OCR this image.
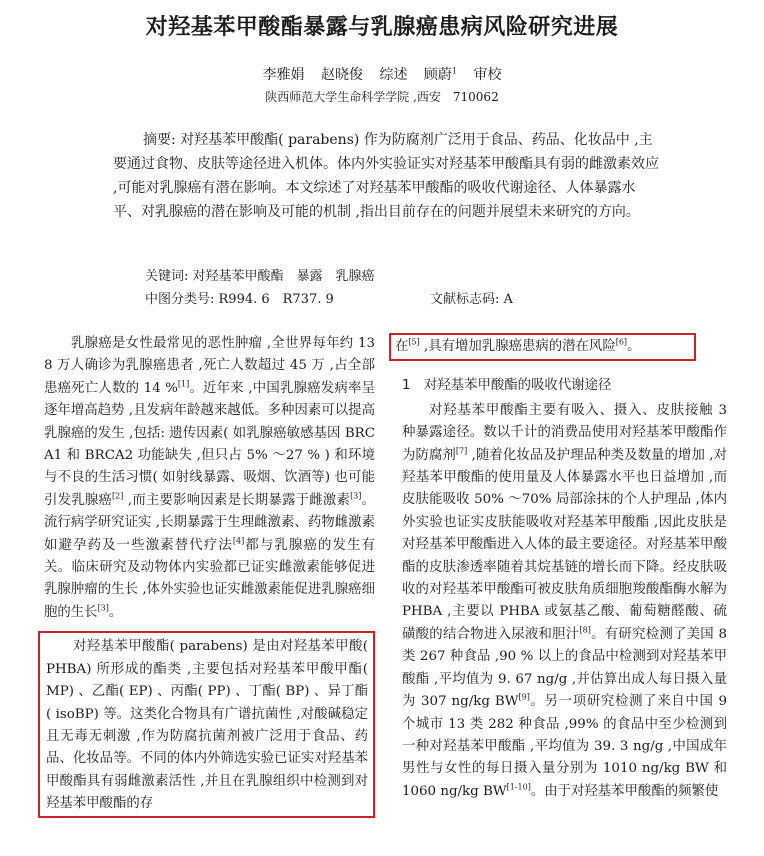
对羟基苯甲酸酯暴露与乳腺癌患病风险研究进展
李雅娟 赵晓俊 综述 顾蔚$^1$ 审校
陕西师范大学生命科学学院 ,西安　710062
摘要: 对羟基苯甲酸酯( parabens) 作为防腐剂广泛用于食品、药品、化妆品中 ,主要通过食物、皮肤等途径进入机体。体内外实验证实对羟基苯甲酸酯具有弱的雌激素效应 ,可能对乳腺癌有潜在影响。本文综述了对羟基苯甲酸酯的吸收代谢途径、人体暴露水平、对乳腺癌的潜在影响及可能的机制 ,指出目前存在的问题并展望未来研究的方向。
关键词: 对羟基苯甲酸酯　暴露　乳腺癌
中图分类号: R994. 6　R737. 9	文献标志码: A

乳腺癌是女性最常见的恶性肿瘤 ,全世界每年约 138 万人确诊为乳腺癌患者 ,死亡人数超过 45 万 ,占全部患癌死亡人数的 14 %[1]。近年来 ,中国乳腺癌发病率呈逐年增高趋势 ,且发病年龄越来越低。多种因素可以提高乳腺癌的发生 ,包括: 遗传因素( 如乳腺癌敏感基因 BRCA1 和 BRCA2 功能缺失 ,但只占 5% ～27 % ) 和环境与不良的生活习惯( 如射线暴露、吸烟、饮酒等) 也可能引发乳腺癌[2] ,而主要影响因素是长期暴露于雌激素[3]。流行病学研究证实 ,长期暴露于生理雌激素、药物雌激素如避孕药及一些激素替代疗法[4]都与乳腺癌的发生有关。临床研究及动物体内实验都已证实雌激素能够促进乳腺肿瘤的生长 ,体外实验也证实雌激素能促进乳腺癌细胞的生长[3]。

对羟基苯甲酸酯( parabens) 是由对羟基苯甲酸( PHBA) 所形成的酯类 ,主要包括对羟基苯甲酸甲酯( MP) 、乙酯( EP) 、丙酯( PP) 、丁酯( BP) 、异丁酯( isoBP) 等。这类化合物具有广谱抗菌性 ,对酸碱稳定且无毒无刺激 ,作为防腐抗菌剂被广泛用于食品、药品、化妆品等。不同的体内外筛选实验已证实对羟基苯甲酸酯具有弱雌激素活性 ,并且在乳腺组织中检测到对羟基苯甲酸酯的存

在[5] ,具有增加乳腺癌患病的潜在风险[6]。

1　对羟基苯甲酸酯的吸收代谢途径

对羟基苯甲酸酯主要有吸入、摄入、皮肤接触 3 种暴露途径。数以千计的消费品使用对羟基苯甲酸酯作为防腐剂[7] ,随着化妆品及护理品种类及数量的增加 ,对羟基苯甲酸酯的使用量及人体暴露水平也日益增加 ,而皮肤能吸收 50% ～70% 局部涂抹的个人护理品 ,体内外实验也证实皮肤能吸收对羟基苯甲酸酯 ,因此皮肤是对羟基苯甲酸酯进入人体的最主要途径。对羟基苯甲酸酯的皮肤渗透率随着其烷基链的增长而下降。经皮肤吸收的对羟基苯甲酸酯可被皮肤角质细胞羧酸酯酶水解为 PHBA ,主要以 PHBA 或氨基乙酸、葡萄糖醛酸、硫磺酸的结合物进入尿液和胆汁[8]。有研究检测了美国 8 类 267 种食品 ,90 % 以上的食品中检测到对羟基苯甲酸酯 ,平均值为 9. 67 ng/g ,并估算出成人每日摄入量为 307 ng/kg BW[9]。另一项研究检测了来自中国 9 个城市 13 类 282 种食品 ,99% 的食品中至少检测到一种对羟基苯甲酸酯 ,平均值为 39. 3 ng/g ,中国成年男性与女性的每日摄入量分别为 1010 ng/kg BW 和 1060 ng/kg BW[1-10]。由于对羟基苯甲酸酯的频繁使
